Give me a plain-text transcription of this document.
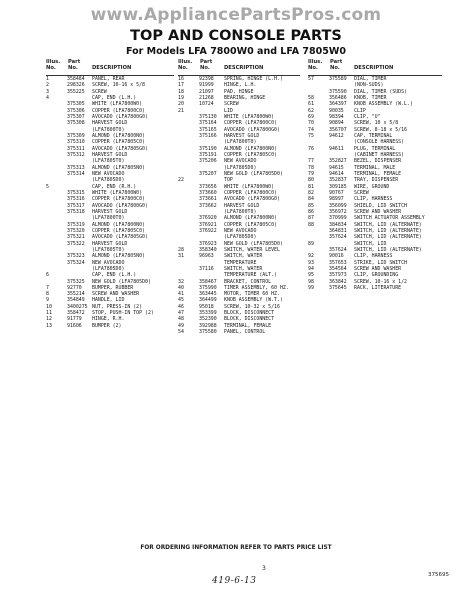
www.AppliancePartsPros.com
TOP AND CONSOLE PARTS
For Models LFA 7800W0 and LFA 7805W0
Illus. No.
Part No.	DESCRIPTION
1	358484 PANEL, REAR
2	298326 SCREW, 10-16 x 5/8
3	355225 SCREW
4	CAP, END (L.H.)
375305 WHITE (LFA7800W0)
375306 COPPER (LFA7800C0)
375307 AVOCADO (LFA7800G0)
375308 HARVEST GOLD
(LFA7800T0)
375309 ALMOND (LFA7800N0)
375310 COPPER (LFA7805C0)
375311 AVOCADO (LFA7805G0)
375312 HARVEST GOLD
(LFA7805T0)
375313 ALMOND (LFA7805N0)
375314 NEW AVOCADO
(LFA7805D0)
5	CAP, END (R.H.)
375315 WHITE (LFA7800W0)
375316 COPPER (LFA7800C0)
375317 AVOCADO (LFA7800G0)
375318 HARVEST GOLD
(LFA7800T0)
375319 ALMOND (LFA7800N0)
375320 COPPER (LFA7805C0)
375321 AVOCADO (LFA7805G0)
375322 HARVEST GOLD
(LFA7805T0)
375323 ALMOND (LFA7805N0)
375324 NEW AVOCADO
(LFA7805D0)
6	CAP, END (L.H.)
375325 NEW GOLD (LFA7805D0)
7	92770 BUMPER, RUBBER
8	355214 SCREW AND WASHER
9	354849 HANDLE, LID
10	3400275 NUT, PRESS-IN (2)
11	358472 STOP, PUSH-IN TOP (2)
12	91779 HINGE, R.H.
13	91606 BUMPER (2)
Illus. No.
Part No.	DESCRIPTION
16	92398 SPRING, HINGE (L.H.)
17	91999 HINGE, L.H.
18	21097 PAD, HINGE
19	21268 BEARING, HINGE
20	10724 SCREW
21	LID
375130 WHITE (LFA7800W0)
375164 COPPER (LFA7800C0)
375165 AVOCADO (LFA7800G0)
375166 HARVEST GOLD
(LFA7800T0)
375190 ALMOND (LFA7800N0)
375191 COPPER (LFA7805C0)
375206 NEW AVOCADO
(LFA7805D0)
375207 NEW GOLD (LFA7805D0)
22	TOP
373656 WHITE (LFA7800W0)
373660 COPPER (LFA7800C0)
373661 AVOCADO (LFA7800G0)
373662 HARVEST GOLD
(LFA7800T0)
376920 ALMOND (LFA7800N0)
376921 COPPER (LFA7805C0)
376922 NEW AVOCADO
(LFA7805D0)
376923 NEW GOLD (LFA7805D0)
28	358340 SWITCH, WATER LEVEL
31	96963 SWITCH, WATER
TEMPERATURE
37116 SWITCH, WATER
TEMPERATURE (ALT.)
32	358467 BRACKET, CONTROL
40	375990 TIMER ASSEMBLY, 60 HZ.
41	363445 MOTOR, TIMER 60 HZ.
45	364499 KNOB ASSEMBLY (W.T.)
46	95018 SCREW, 10-32 x 5/16
47	353399 BLOCK, DISCONNECT
48	352390 BLOCK, DISCONNECT
49	392988 TERMINAL, FEMALE
54	375580 PANEL, CONTROL
Illus. No.
Part No.	DESCRIPTION
57	375589 DIAL, TIMER
(NON-SUDS)
375590 DIAL, TIMER (SUDS)
58	356486 KNOB, TIMER
61	364397 KNOB ASSEMBLY (W.L.)
62	90035 CLIP
69	98394 CLIP, "U"
70	90894 SCREW, 10 x 5/8
74	356707 SCREW, 8-18 x 5/16
75	94612 CAP, TERMINAL
(CONSOLE HARNESS)
76	94611 PLUG, TERMINAL
(CABINET HARNESS)
77	352827 BEZEL, DISPENSER
78	94615 TERMINAL, MALE
79	94614 TERMINAL, FEMALE
80	352837 TRAY, DISPENSER
81	309185 WIRE, GROUND
82	90767 SCREW
84	98997 CLIP, HARNESS
85	356099 SHIELD, LID SWITCH
86	356972 SCREW AND WASHER
87	370999 SWITCH ACTUATOR ASSEMBLY
88	384834 SWITCH, LID (ALTERNATE)
364831 SWITCH, LID (ALTERNATE)
357624 SWITCH, LID (ALTERNATE)
89	SWITCH, LID
357624 SWITCH, LID (ALTERNATE)
92	90016 CLIP, HARNESS
93	357653 STRIKE, LID SWITCH
94	354564 SCREW AND WASHER
95	357973 CLIP, GROUNDING
98	363842 SCREW, 10-16 x 1/2
99	375645 RACK, LITERATURE
FOR ORDERING INFORMATION REFER TO PARTS PRICE LIST
3
375695
419-6-13
